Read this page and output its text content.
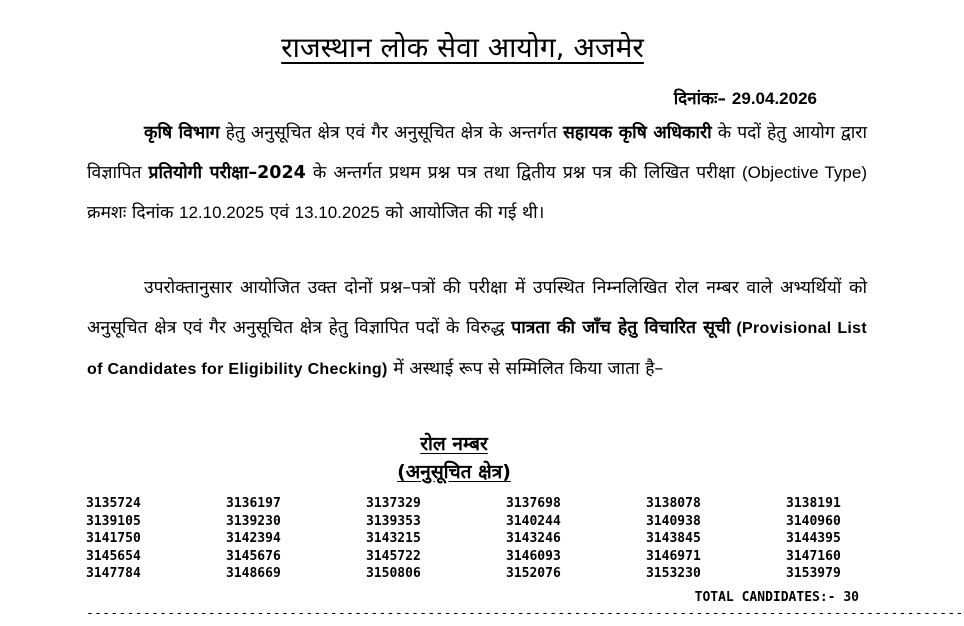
राजस्थान लोक सेवा आयोग, अजमेर
दिनांकः– 29.04.2026
कृषि विभाग हेतु अनुसूचित क्षेत्र एवं गैर अनुसूचित क्षेत्र के अन्तर्गत सहायक कृषि अधिकारी के पदों हेतु आयोग द्वारा विज्ञापित प्रतियोगी परीक्षा–2024 के अन्तर्गत प्रथम प्रश्न पत्र तथा द्वितीय प्रश्न पत्र की लिखित परीक्षा (Objective Type) क्रमशः दिनांक 12.10.2025 एवं 13.10.2025 को आयोजित की गई थी।
उपरोक्तानुसार आयोजित उक्त दोनों प्रश्न–पत्रों की परीक्षा में उपस्थित निम्नलिखित रोल नम्बर वाले अभ्यर्थियों को अनुसूचित क्षेत्र एवं गैर अनुसूचित क्षेत्र हेतु विज्ञापित पदों के विरुद्ध पात्रता की जाँच हेतु विचारित सूची (Provisional List of Candidates for Eligibility Checking) में अस्थाई रूप से सम्मिलित किया जाता है–
रोल नम्बर
(अनुसूचित क्षेत्र)
3135724	3136197	3137329	3137698	3138078	3138191
3139105	3139230	3139353	3140244	3140938	3140960
3141750	3142394	3143215	3143246	3143845	3144395
3145654	3145676	3145722	3146093	3146971	3147160
3147784	3148669	3150806	3152076	3153230	3153979
TOTAL CANDIDATES:- 30
------------------------------------------------------------------------------------------------------------
